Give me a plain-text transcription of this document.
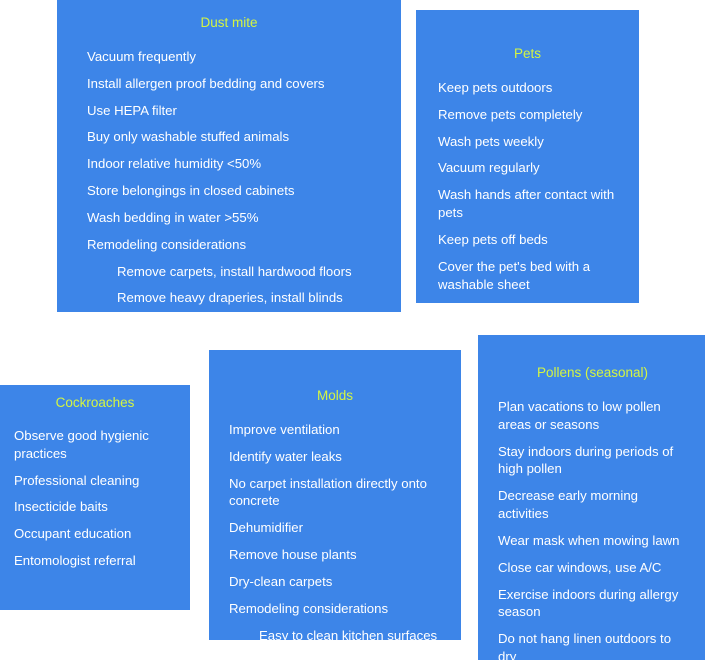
Dust mite
Vacuum frequently
Install allergen proof bedding and covers
Use HEPA filter
Buy only washable stuffed animals
Indoor relative humidity <50%
Store belongings in closed cabinets
Wash bedding in water >55%
Remodeling considerations
Remove carpets, install hardwood floors
Remove heavy draperies, install blinds
Pets
Keep pets outdoors
Remove pets completely
Wash pets weekly
Vacuum regularly
Wash hands after contact with pets
Keep pets off beds
Cover the pet's bed with a washable sheet
Cockroaches
Observe good hygienic practices
Professional cleaning
Insecticide baits
Occupant education
Entomologist referral
Molds
Improve ventilation
Identify water leaks
No carpet installation directly onto concrete
Dehumidifier
Remove house plants
Dry-clean carpets
Remodeling considerations
Easy to clean kitchen surfaces
Pollens (seasonal)
Plan vacations to low pollen areas or seasons
Stay indoors during periods of high pollen
Decrease early morning activities
Wear mask when mowing lawn
Close car windows, use A/C
Exercise indoors during allergy season
Do not hang linen outdoors to dry
